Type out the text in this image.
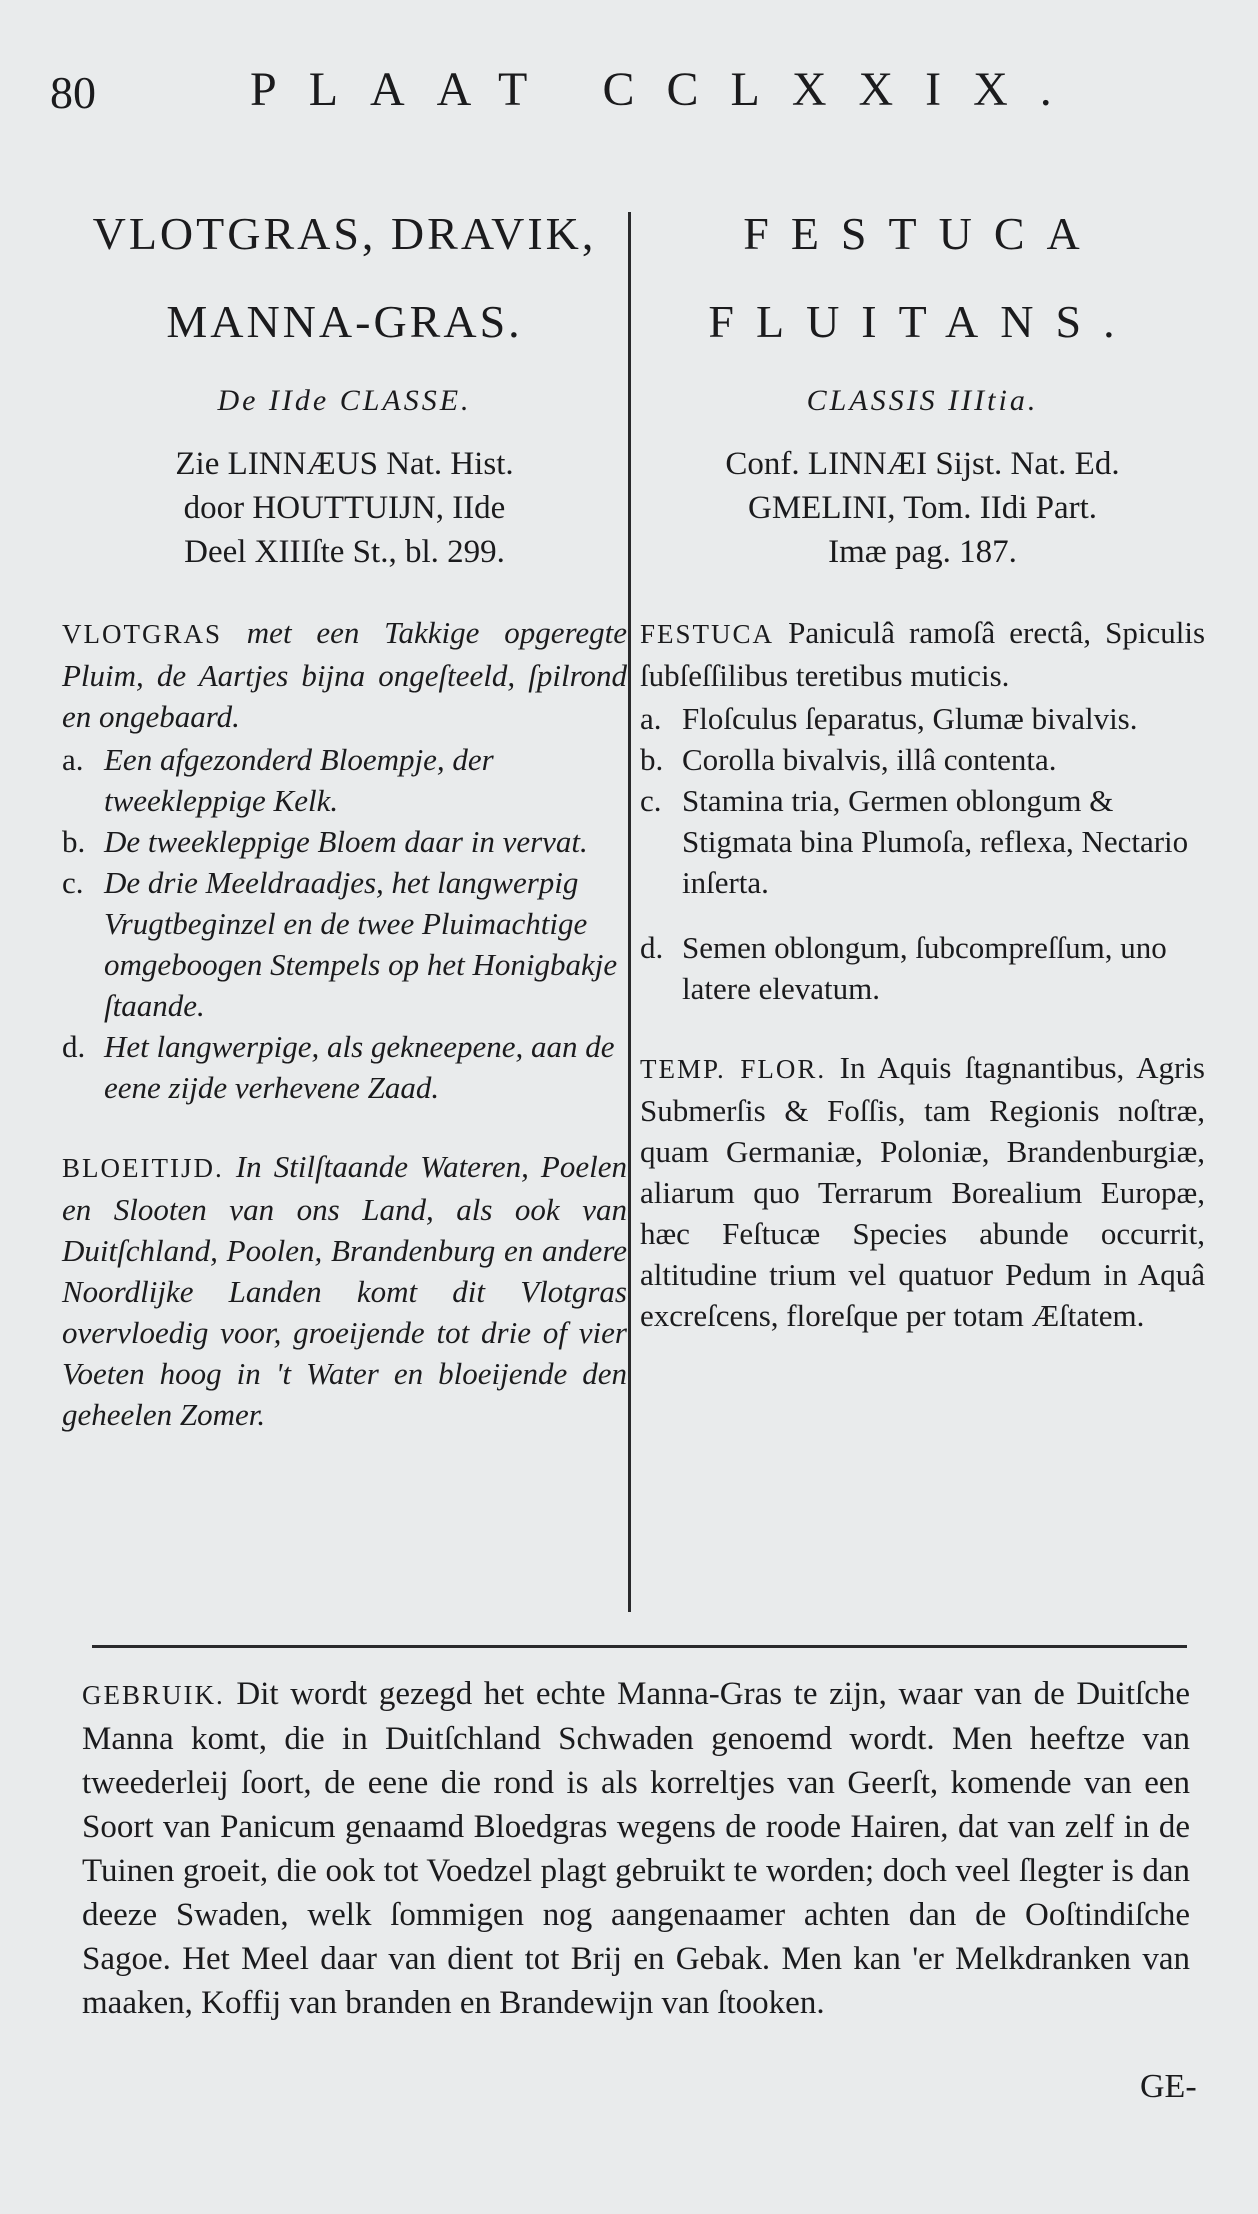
80	PLAAT CCLXXIX.
VLOTGRAS, DRAVIK,
MANNA-GRAS.
De IIde CLASSE.
Zie LINNÆUS Nat. Hist.
door HOUTTUIJN, IIde
Deel XIIIſte St., bl. 299.
VLOTGRAS met een Takkige opgeregte Pluim, de Aartjes bijna ongeſteeld, ſpilrond en ongebaard.
a. Een afgezonderd Bloempje, der tweekleppige Kelk.
b. De tweekleppige Bloem daar in vervat.
c. De drie Meeldraadjes, het langwerpig Vrugtbeginzel en de twee Pluimachtige omgeboogen Stempels op het Honigbakje ſtaande.
d. Het langwerpige, als gekneepene, aan de eene zijde verhevene Zaad.
BLOEITIJD. In Stilſtaande Wateren, Poelen en Slooten van ons Land, als ook van Duitſchland, Poolen, Brandenburg en andere Noordlijke Landen komt dit Vlotgras overvloedig voor, groeijende tot drie of vier Voeten hoog in 't Water en bloeijende den geheelen Zomer.
FESTUCA
FLUITANS.
CLASSIS IIItia.
Conf. LINNÆI Sijst. Nat. Ed.
GMELINI, Tom. IIdi Part.
Imæ pag. 187.
FESTUCA Paniculâ ramoſâ erectâ, Spiculis ſubſeſſilibus teretibus muticis.
a. Floſculus ſeparatus, Glumæ bivalvis.
b. Corolla bivalvis, illâ contenta.
c. Stamina tria, Germen oblongum & Stigmata bina Plumoſa, reflexa, Nectario inſerta.
d. Semen oblongum, ſubcompreſſum, uno latere elevatum.
TEMP. FLOR. In Aquis ſtagnantibus, Agris Submerſis & Foſſis, tam Regionis noſtræ, quam Germaniæ, Poloniæ, Brandenburgiæ, aliarum quo Terrarum Borealium Europæ, hæc Feſtucæ Species abunde occurrit, altitudine trium vel quatuor Pedum in Aquâ excreſcens, floreſque per totam Æſtatem.
GEBRUIK. Dit wordt gezegd het echte Manna-Gras te zijn, waar van de Duitſche Manna komt, die in Duitſchland Schwaden genoemd wordt. Men heeftze van tweederleij ſoort, de eene die rond is als korreltjes van Geerſt, komende van een Soort van Panicum genaamd Bloedgras wegens de roode Hairen, dat van zelf in de Tuinen groeit, die ook tot Voedzel plagt gebruikt te worden; doch veel ſlegter is dan deeze Swaden, welk ſommigen nog aangenaamer achten dan de Ooſtindiſche Sagoe. Het Meel daar van dient tot Brij en Gebak. Men kan 'er Melkdranken van maaken, Koffij van branden en Brandewijn van ſtooken.
GE-
